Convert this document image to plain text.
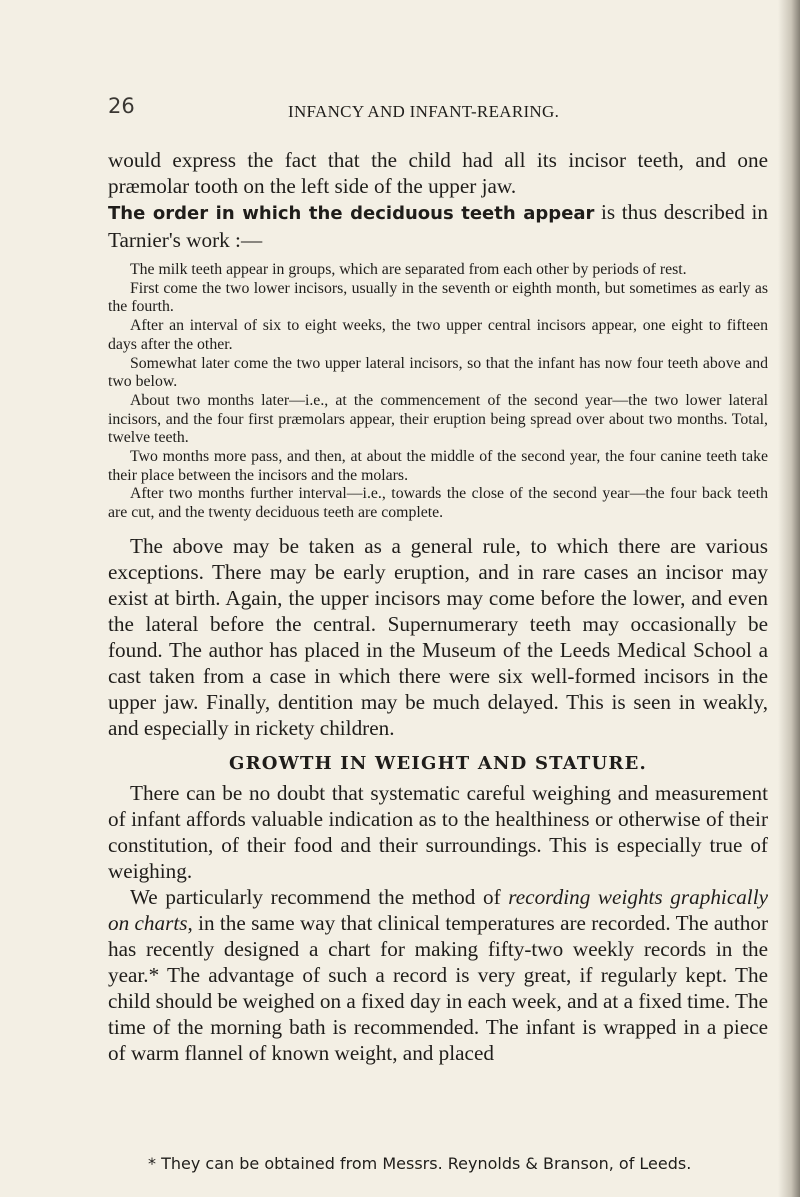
26	INFANCY AND INFANT-REARING.

would express the fact that the child had all its incisor teeth, and one præmolar tooth on the left side of the upper jaw.
The order in which the deciduous teeth appear is thus described in Tarnier's work :—

The milk teeth appear in groups, which are separated from each other by periods of rest.

First come the two lower incisors, usually in the seventh or eighth month, but sometimes as early as the fourth.

After an interval of six to eight weeks, the two upper central incisors appear, one eight to fifteen days after the other.

Somewhat later come the two upper lateral incisors, so that the infant has now four teeth above and two below.

About two months later—i.e., at the commencement of the second year—the two lower lateral incisors, and the four first præmolars appear, their eruption being spread over about two months. Total, twelve teeth.

Two months more pass, and then, at about the middle of the second year, the four canine teeth take their place between the incisors and the molars.

After two months further interval—i.e., towards the close of the second year—the four back teeth are cut, and the twenty deciduous teeth are complete.

The above may be taken as a general rule, to which there are various exceptions. There may be early eruption, and in rare cases an incisor may exist at birth. Again, the upper incisors may come before the lower, and even the lateral before the central. Supernumerary teeth may occasionally be found. The author has placed in the Museum of the Leeds Medical School a cast taken from a case in which there were six well-formed incisors in the upper jaw. Finally, dentition may be much delayed. This is seen in weakly, and especially in rickety children.

GROWTH IN WEIGHT AND STATURE.

There can be no doubt that systematic careful weighing and measurement of infant affords valuable indication as to the healthiness or otherwise of their constitution, of their food and their surroundings. This is especially true of weighing.

We particularly recommend the method of recording weights graphically on charts, in the same way that clinical temperatures are recorded. The author has recently designed a chart for making fifty-two weekly records in the year.* The advantage of such a record is very great, if regularly kept. The child should be weighed on a fixed day in each week, and at a fixed time. The time of the morning bath is recommended. The infant is wrapped in a piece of warm flannel of known weight, and placed

* They can be obtained from Messrs. Reynolds & Branson, of Leeds.
